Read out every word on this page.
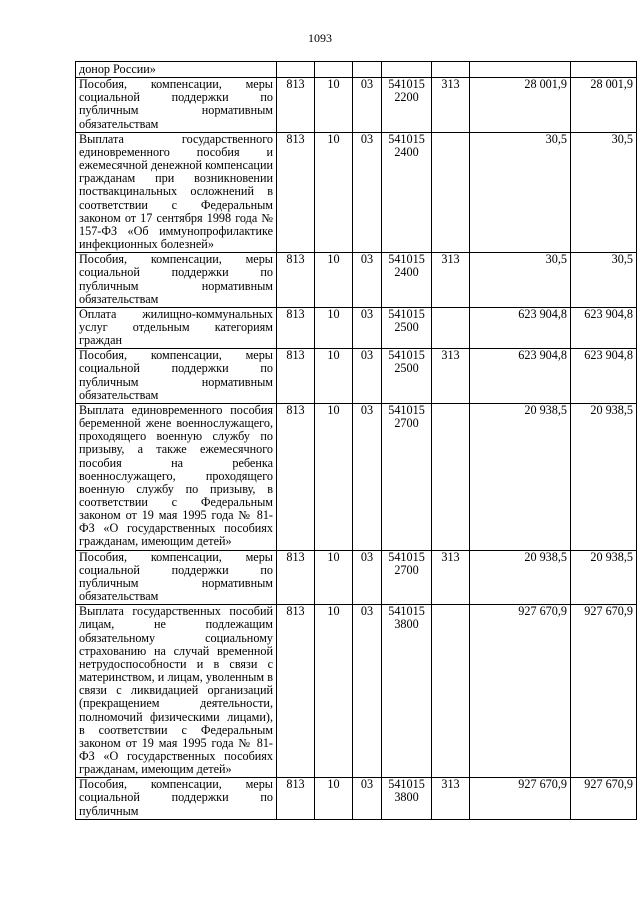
1093
донор России»							
Пособия, компенсации, меры социальной поддержки по публичным нормативным обязательствам	813	10	03	541015 2200	313	28 001,9	28 001,9
Выплата государственного единовременного пособия и ежемесячной денежной компенсации гражданам при возникновении поствакцинальных осложнений в соответствии с Федеральным законом от 17 сентября 1998 года № 157-ФЗ «Об иммунопрофилактике инфекционных болезней»	813	10	03	541015 2400		30,5	30,5
Пособия, компенсации, меры социальной поддержки по публичным нормативным обязательствам	813	10	03	541015 2400	313	30,5	30,5
Оплата жилищно-коммунальных услуг отдельным категориям граждан	813	10	03	541015 2500		623 904,8	623 904,8
Пособия, компенсации, меры социальной поддержки по публичным нормативным обязательствам	813	10	03	541015 2500	313	623 904,8	623 904,8
Выплата единовременного пособия беременной жене военнослужащего, проходящего военную службу по призыву, а также ежемесячного пособия на ребенка военнослужащего, проходящего военную службу по призыву, в соответствии с Федеральным законом от 19 мая 1995 года № 81-ФЗ «О государственных пособиях гражданам, имеющим детей»	813	10	03	541015 2700		20 938,5	20 938,5
Пособия, компенсации, меры социальной поддержки по публичным нормативным обязательствам	813	10	03	541015 2700	313	20 938,5	20 938,5
Выплата государственных пособий лицам, не подлежащим обязательному социальному страхованию на случай временной нетрудоспособности и в связи с материнством, и лицам, уволенным в связи с ликвидацией организаций (прекращением деятельности, полномочий физическими лицами), в соответствии с Федеральным законом от 19 мая 1995 года № 81-ФЗ «О государственных пособиях гражданам, имеющим детей»	813	10	03	541015 3800		927 670,9	927 670,9
Пособия, компенсации, меры социальной поддержки по публичным	813	10	03	541015 3800	313	927 670,9	927 670,9
